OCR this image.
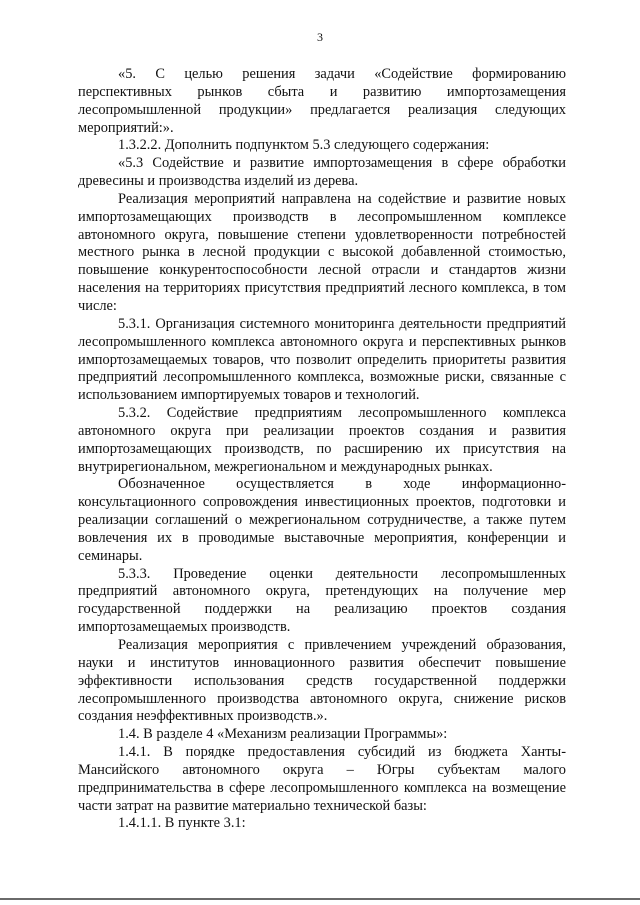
3

«5. С целью решения задачи «Содействие формированию перспективных рынков сбыта и развитию импортозамещения лесопромышленной продукции» предлагается реализация следующих мероприятий:».

1.3.2.2. Дополнить подпунктом 5.3 следующего содержания:

«5.3 Содействие и развитие импортозамещения в сфере обработки древесины и производства изделий из дерева.

Реализация мероприятий направлена на содействие и развитие новых импортозамещающих производств в лесопромышленном комплексе автономного округа, повышение степени удовлетворенности потребностей местного рынка в лесной продукции с высокой добавленной стоимостью, повышение конкурентоспособности лесной отрасли и стандартов жизни населения на территориях присутствия предприятий лесного комплекса, в том числе:

5.3.1. Организация системного мониторинга деятельности предприятий лесопромышленного комплекса автономного округа и перспективных рынков импортозамещаемых товаров, что позволит определить приоритеты развития предприятий лесопромышленного комплекса, возможные риски, связанные с использованием импортируемых товаров и технологий.

5.3.2. Содействие предприятиям лесопромышленного комплекса автономного округа при реализации проектов создания и развития импортозамещающих производств, по расширению их присутствия на внутрирегиональном, межрегиональном и международных рынках.

Обозначенное осуществляется в ходе информационно-консультационного сопровождения инвестиционных проектов, подготовки и реализации соглашений о межрегиональном сотрудничестве, а также путем вовлечения их в проводимые выставочные мероприятия, конференции и семинары.

5.3.3. Проведение оценки деятельности лесопромышленных предприятий автономного округа, претендующих на получение мер государственной поддержки на реализацию проектов создания импортозамещаемых производств.

Реализация мероприятия с привлечением учреждений образования, науки и институтов инновационного развития обеспечит повышение эффективности использования средств государственной поддержки лесопромышленного производства автономного округа, снижение рисков создания неэффективных производств.».

1.4. В разделе 4 «Механизм реализации Программы»:

1.4.1. В порядке предоставления субсидий из бюджета Ханты-Мансийского автономного округа – Югры субъектам малого предпринимательства в сфере лесопромышленного комплекса на возмещение части затрат на развитие материально технической базы:

1.4.1.1. В пункте 3.1:
